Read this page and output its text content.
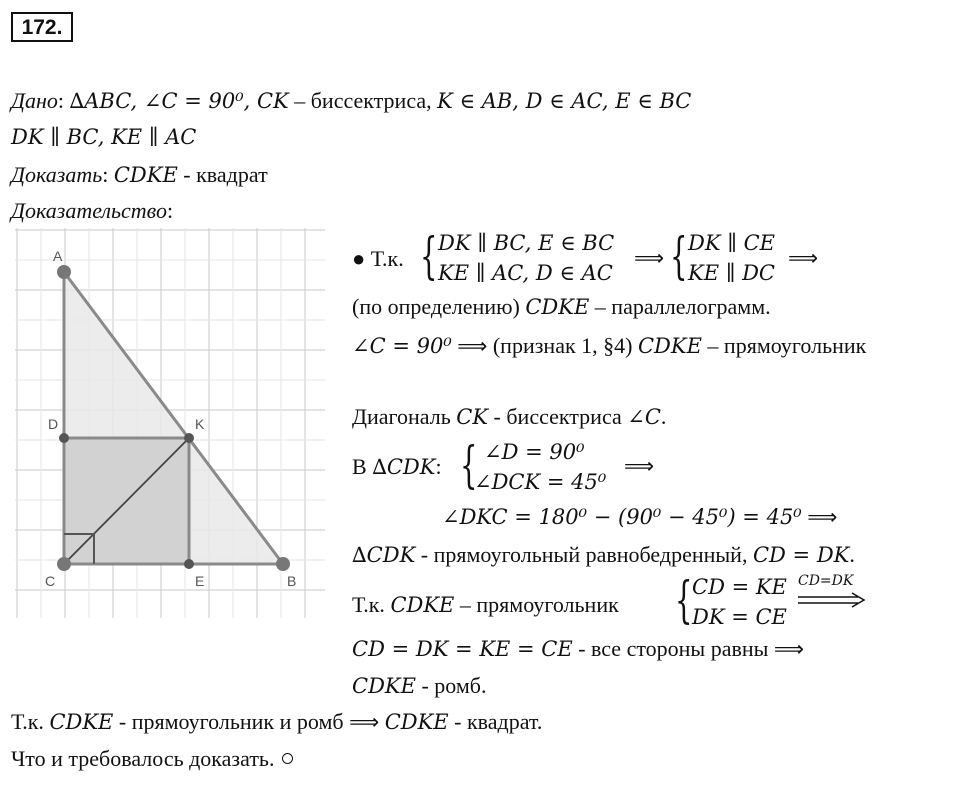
172.
Дано: ∆ABC, ∠C = 90⁰, CK – биссектриса, K ∈ AB, D ∈ AC, E ∈ BC
DK ∥ BC, KE ∥ AC
Доказать: CDKE - квадрат
Доказательство:
A
D	K
C	E	B
● Т.к. { DK ∥ BC, E ∈ BC
KE ∥ AC, D ∈ AC
⟹ { DK ∥ CE
KE ∥ DC
⟹
(по определению) CDKE – параллелограмм.
∠C = 90⁰ ⟹ (признак 1, §4) CDKE – прямоугольник
Диагональ CK - биссектриса ∠C.
В ∆CDK: { ∠D = 90⁰
∠DCK = 45⁰
⟹
∠DKC = 180⁰ − (90⁰ − 45⁰) = 45⁰ ⟹
∆CDK - прямоугольный равнобедренный, CD = DK.
Т.к. CDKE – прямоугольник { CD = KE
DK = CE
CD=DK
CD = DK = KE = CE - все стороны равны ⟹
CDKE - ромб.
Т.к. CDKE - прямоугольник и ромб ⟹ CDKE - квадрат.
Что и требовалось доказать.
